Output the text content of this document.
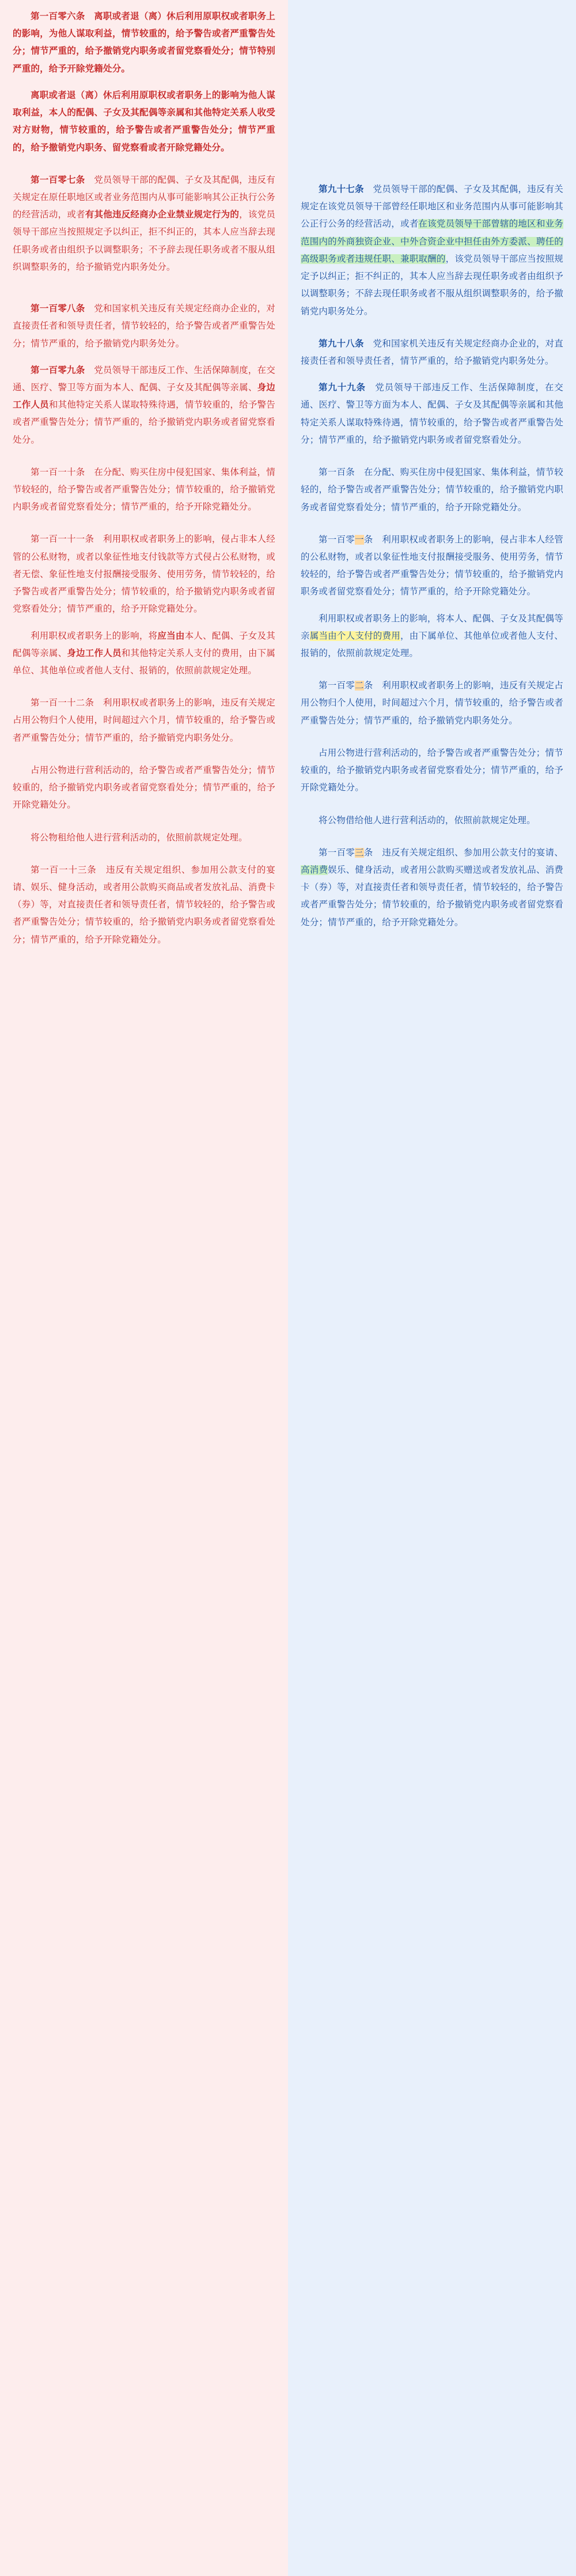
第一百零六条　离职或者退（离）休后利用原职权或者职务上的影响，为他人谋取利益，情节较重的，给予警告或者严重警告处分；情节严重的，给予撤销党内职务或者留党察看处分；情节特别严重的，给予开除党籍处分。

离职或者退（离）休后利用原职权或者职务上的影响为他人谋取利益，本人的配偶、子女及其配偶等亲属和其他特定关系人收受对方财物，情节较重的，给予警告或者严重警告处分；情节严重的，给予撤销党内职务、留党察看或者开除党籍处分。

第一百零七条　党员领导干部的配偶、子女及其配偶，违反有关规定在原任职地区或者业务范围内从事可能影响其公正执行公务的经营活动，或者有其他违反经商办企业禁业规定行为的，该党员领导干部应当按照规定予以纠正，拒不纠正的，其本人应当辞去现任职务或者由组织予以调整职务；不予辞去现任职务或者不服从组织调整职务的，给予撤销党内职务处分。

第一百零八条　党和国家机关违反有关规定经商办企业的，对直接责任者和领导责任者，情节较轻的，给予警告或者严重警告处分；情节严重的，给予撤销党内职务处分。

第一百零九条　党员领导干部违反工作、生活保障制度，在交通、医疗、警卫等方面为本人、配偶、子女及其配偶等亲属、身边工作人员和其他特定关系人谋取特殊待遇，情节较重的，给予警告或者严重警告处分；情节严重的，给予撤销党内职务或者留党察看处分。

第一百一十条　在分配、购买住房中侵犯国家、集体利益，情节较轻的，给予警告或者严重警告处分；情节较重的，给予撤销党内职务或者留党察看处分；情节严重的，给予开除党籍处分。

第一百一十一条　利用职权或者职务上的影响，侵占非本人经管的公私财物，或者以象征性地支付钱款等方式侵占公私财物，或者无偿、象征性地支付报酬接受服务、使用劳务，情节较轻的，给予警告或者严重警告处分；情节较重的，给予撤销党内职务或者留党察看处分；情节严重的，给予开除党籍处分。

利用职权或者职务上的影响，将应当由本人、配偶、子女及其配偶等亲属、身边工作人员和其他特定关系人支付的费用，由下属单位、其他单位或者他人支付、报销的，依照前款规定处理。

第一百一十二条　利用职权或者职务上的影响，违反有关规定占用公物归个人使用，时间超过六个月，情节较重的，给予警告或者严重警告处分；情节严重的，给予撤销党内职务处分。

占用公物进行营利活动的，给予警告或者严重警告处分；情节较重的，给予撤销党内职务或者留党察看处分；情节严重的，给予开除党籍处分。

将公物租给他人进行营利活动的，依照前款规定处理。

第一百一十三条　违反有关规定组织、参加用公款支付的宴请、娱乐、健身活动，或者用公款购买商品或者发放礼品、消费卡（券）等，对直接责任者和领导责任者，情节较轻的，给予警告或者严重警告处分；情节较重的，给予撤销党内职务或者留党察看处分；情节严重的，给予开除党籍处分。

第九十七条　党员领导干部的配偶、子女及其配偶，违反有关规定在该党员领导干部曾经任职地区和业务范围内从事可能影响其公正行公务的经营活动，或者在该党员领导干部曾辖的地区和业务范围内的外商独资企业、中外合资企业中担任由外方委派、聘任的高级职务或者违规任职、兼职取酬的，该党员领导干部应当按照规定予以纠正；拒不纠正的，其本人应当辞去现任职务或者由组织予以调整职务；不辞去现任职务或者不服从组织调整职务的，给予撤销党内职务处分。

第九十八条　党和国家机关违反有关规定经商办企业的，对直接责任者和领导责任者，情节严重的，给予撤销党内职务处分。

第九十九条　党员领导干部违反工作、生活保障制度，在交通、医疗、警卫等方面为本人、配偶、子女及其配偶等亲属和其他特定关系人谋取特殊待遇，情节较重的，给予警告或者严重警告处分；情节严重的，给予撤销党内职务或者留党察看处分。

第一百条　在分配、购买住房中侵犯国家、集体利益，情节较轻的，给予警告或者严重警告处分；情节较重的，给予撤销党内职务或者留党察看处分；情节严重的，给予开除党籍处分。

第一百零一条　利用职权或者职务上的影响，侵占非本人经管的公私财物，或者以象征性地支付报酬接受服务、使用劳务，情节较轻的，给予警告或者严重警告处分；情节较重的，给予撤销党内职务或者留党察看处分；情节严重的，给予开除党籍处分。

利用职权或者职务上的影响，将本人、配偶、子女及其配偶等亲属当由个人支付的费用，由下属单位、其他单位或者他人支付、报销的，依照前款规定处理。

第一百零二条　利用职权或者职务上的影响，违反有关规定占用公物归个人使用，时间超过六个月，情节较重的，给予警告或者严重警告处分；情节严重的，给予撤销党内职务处分。

占用公物进行营利活动的，给予警告或者严重警告处分；情节较重的，给予撤销党内职务或者留党察看处分；情节严重的，给予开除党籍处分。

将公物借给他人进行营利活动的，依照前款规定处理。

第一百零三条　违反有关规定组织、参加用公款支付的宴请、高消费娱乐、健身活动，或者用公款购买赠送或者发放礼品、消费卡（券）等，对直接责任者和领导责任者，情节较轻的，给予警告或者严重警告处分；情节较重的，给予撤销党内职务或者留党察看处分；情节严重的，给予开除党籍处分。
